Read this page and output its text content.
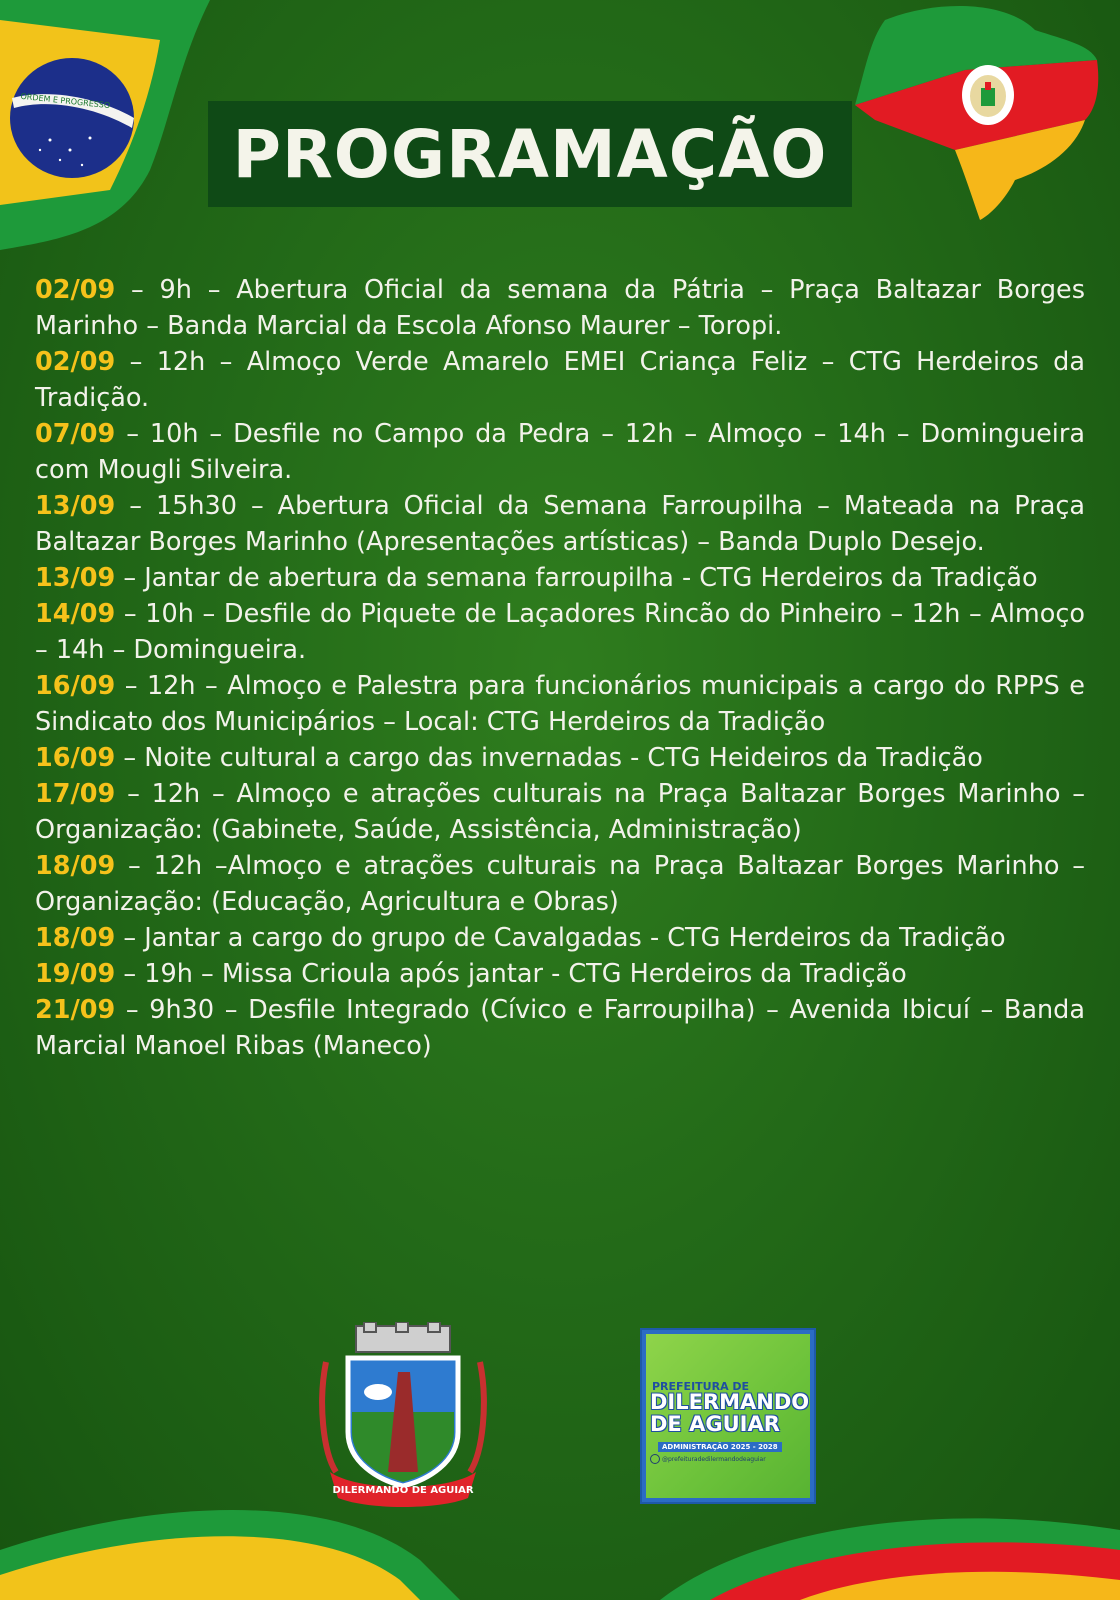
ORDEM E PROGRESSO
PROGRAMAÇÃO

02/09 – 9h – Abertura Oficial da semana da Pátria – Praça Baltazar Borges Marinho – Banda Marcial da Escola Afonso Maurer – Toropi.

02/09 – 12h – Almoço Verde Amarelo EMEI Criança Feliz – CTG Herdeiros da Tradição.

07/09 – 10h – Desfile no Campo da Pedra – 12h – Almoço – 14h – Domingueira com Mougli Silveira.

13/09 – 15h30 – Abertura Oficial da Semana Farroupilha – Mateada na Praça Baltazar Borges Marinho (Apresentações artísticas) – Banda Duplo Desejo.

13/09 – Jantar de abertura da semana farroupilha - CTG Herdeiros da Tradição

14/09 – 10h – Desfile do Piquete de Laçadores Rincão do Pinheiro – 12h – Almoço – 14h – Domingueira.

16/09 – 12h – Almoço e Palestra para funcionários municipais a cargo do RPPS e Sindicato dos Municipários – Local: CTG Herdeiros da Tradição

16/09 – Noite cultural a cargo das invernadas - CTG Heideiros da Tradição

17/09 – 12h – Almoço e atrações culturais na Praça Baltazar Borges Marinho – Organização: (Gabinete, Saúde, Assistência, Administração)

18/09 – 12h –Almoço e atrações culturais na Praça Baltazar Borges Marinho – Organização: (Educação, Agricultura e Obras)

18/09 – Jantar a cargo do grupo de Cavalgadas - CTG Herdeiros da Tradição

19/09 – 19h – Missa Crioula após jantar - CTG Herdeiros da Tradição

21/09 – 9h30 – Desfile Integrado (Cívico e Farroupilha) – Avenida Ibicuí – Banda Marcial Manoel Ribas (Maneco)

DILERMANDO DE AGUIAR
PREFEITURA DE
DILERMANDO
DE AGUIAR
ADMINISTRAÇÃO 2025 - 2028
@prefeituradedilermandodeaguiar
